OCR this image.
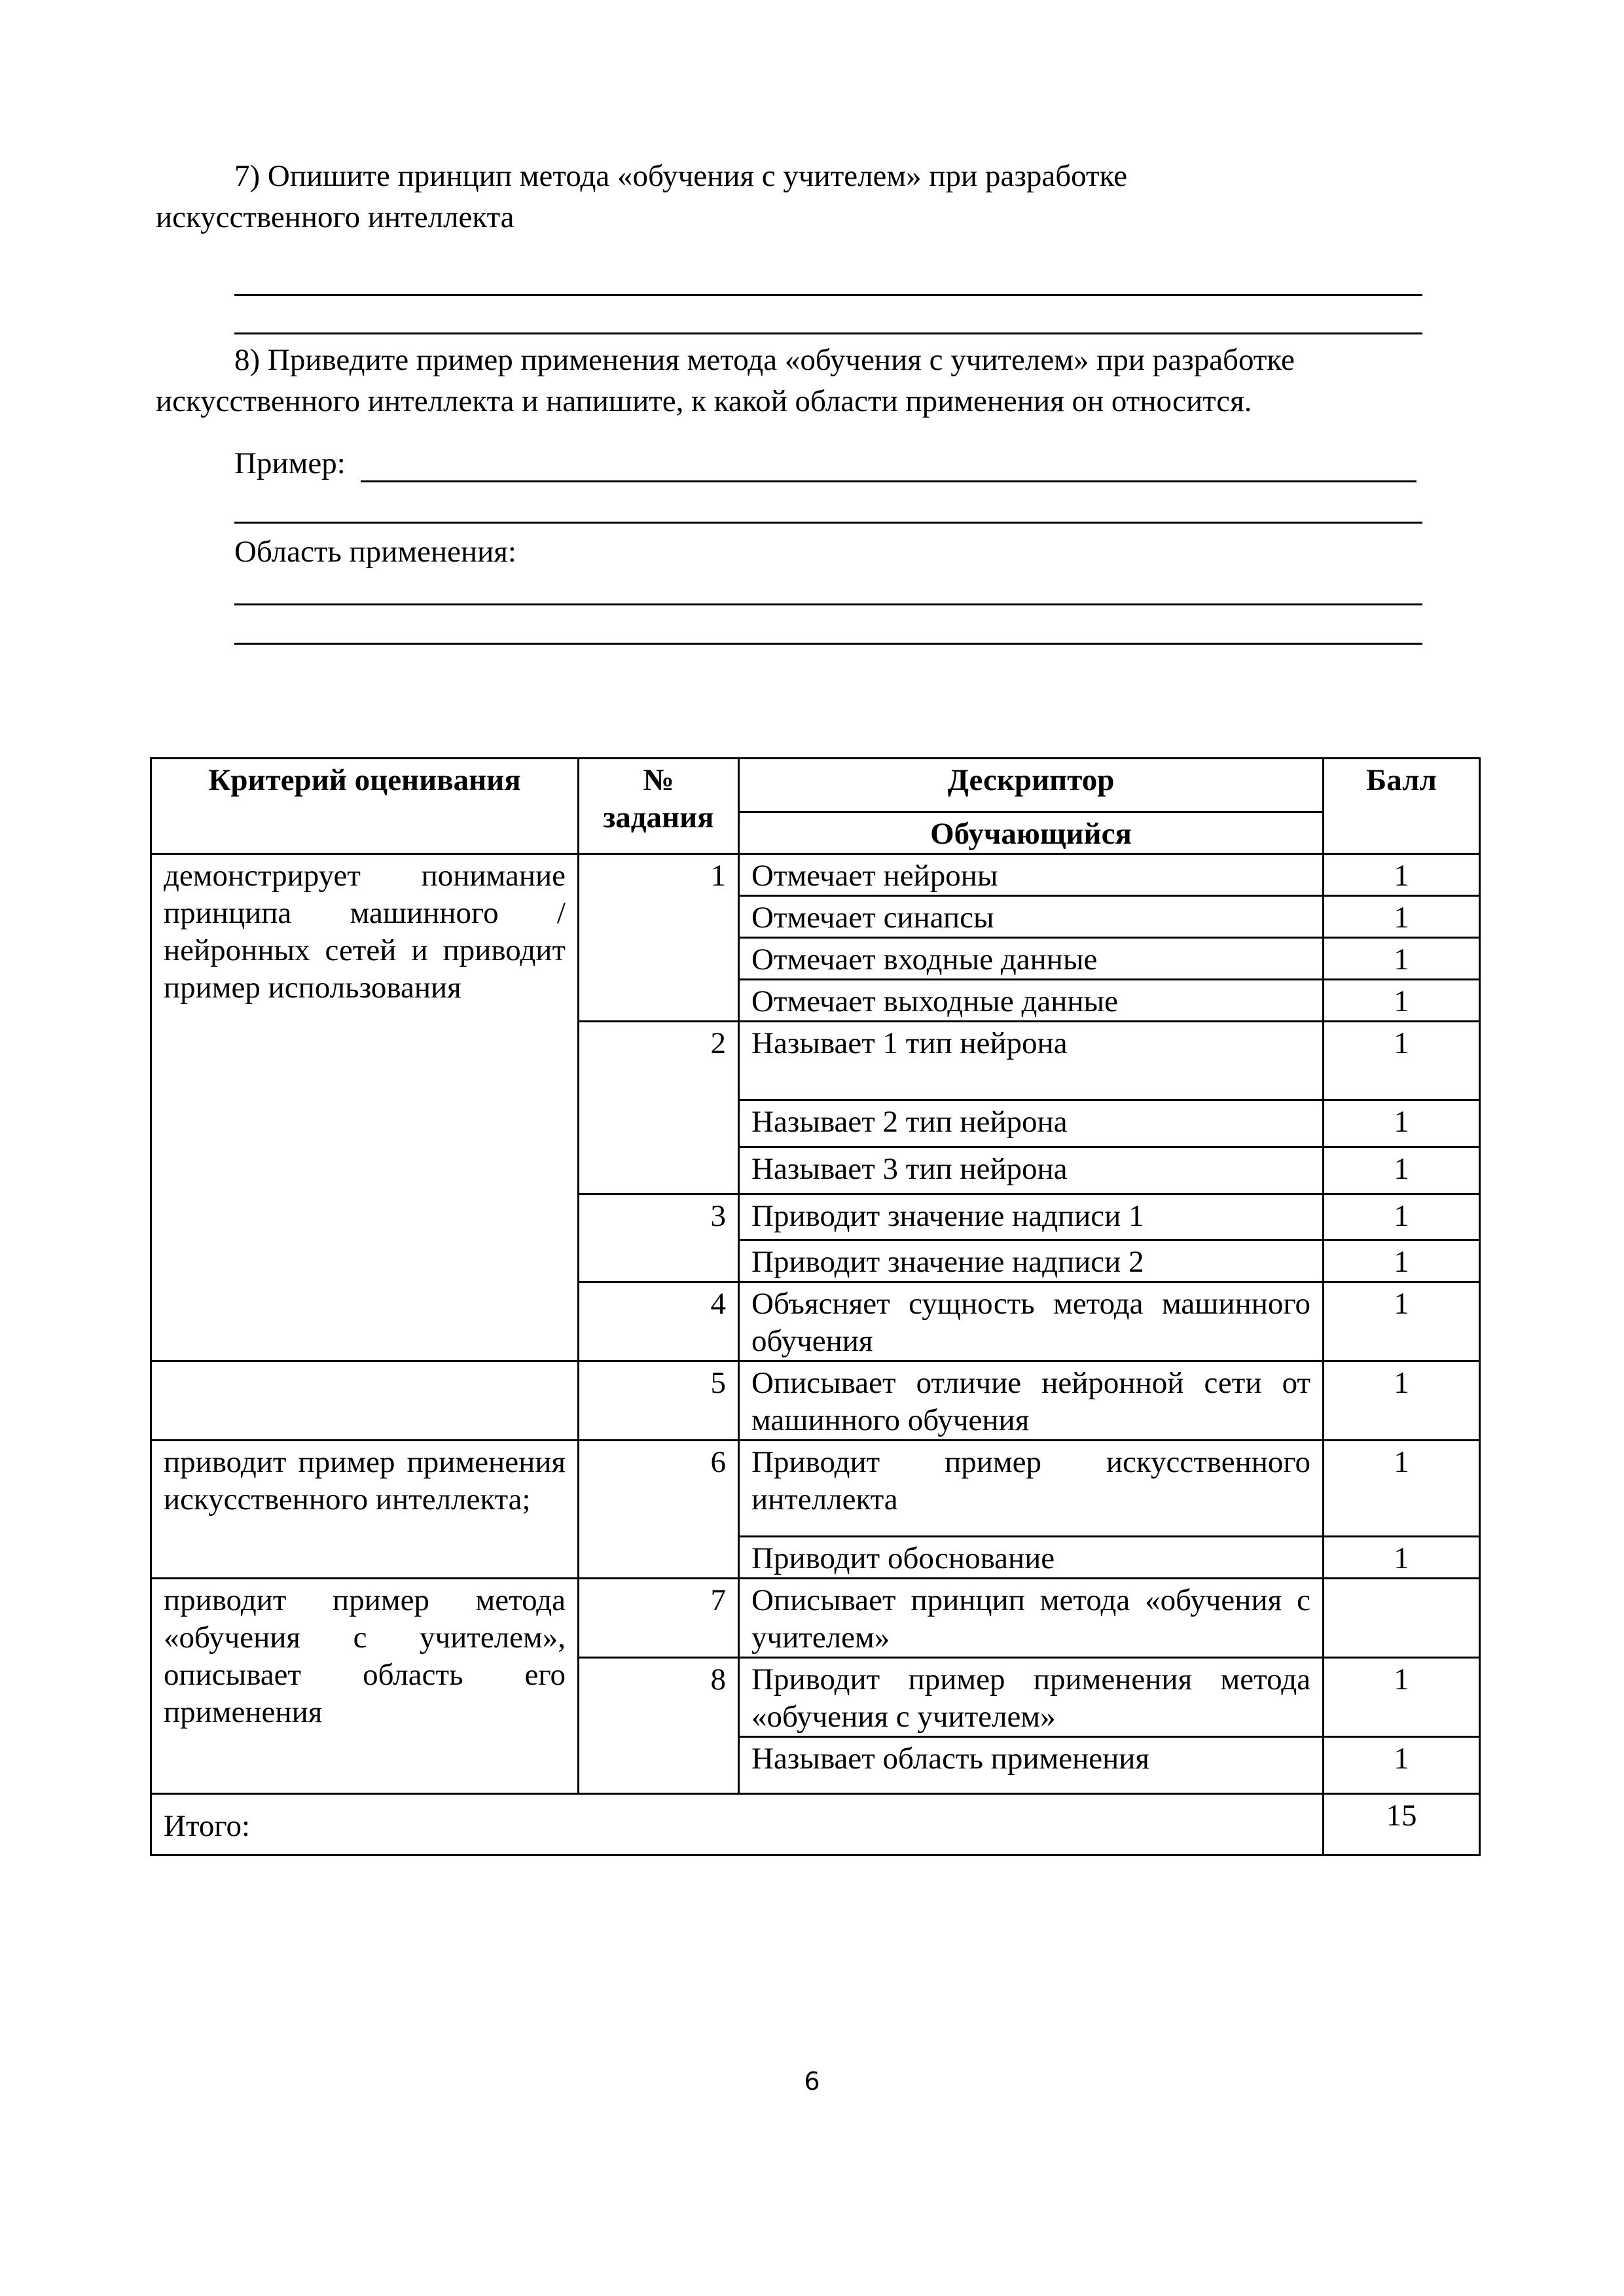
7) Опишите принцип метода «обучения с учителем» при разработке
искусственного интеллекта

8) Приведите пример применения метода «обучения с учителем» при разработке
искусственного интеллекта и напишите, к какой области применения он относится.

Пример:
Область применения:
Критерий оценивания	№ задания	Дескриптор	Балл
		Обучающийся	
демонстрирует понимание принципа машинного / нейронных сетей и приводит пример использования	1	Отмечает нейроны	1
		Отмечает синапсы	1
		Отмечает входные данные	1
		Отмечает выходные данные	1
	2	Называет 1 тип нейрона	1
		Называет 2 тип нейрона	1
		Называет 3 тип нейрона	1
	3	Приводит значение надписи 1	1
		Приводит значение надписи 2	1
	4	Объясняет сущность метода машинного обучения	1
	5	Описывает отличие нейронной сети от машинного обучения	1
приводит пример применения искусственного интеллекта;	6	Приводит пример искусственного интеллекта	1
		Приводит обоснование	1
приводит пример метода «обучения с учителем», описывает область его применения	7	Описывает принцип метода «обучения с учителем»	
	8	Приводит пример применения метода «обучения с учителем»	1
		Называет область применения	1
Итого:			15
6
